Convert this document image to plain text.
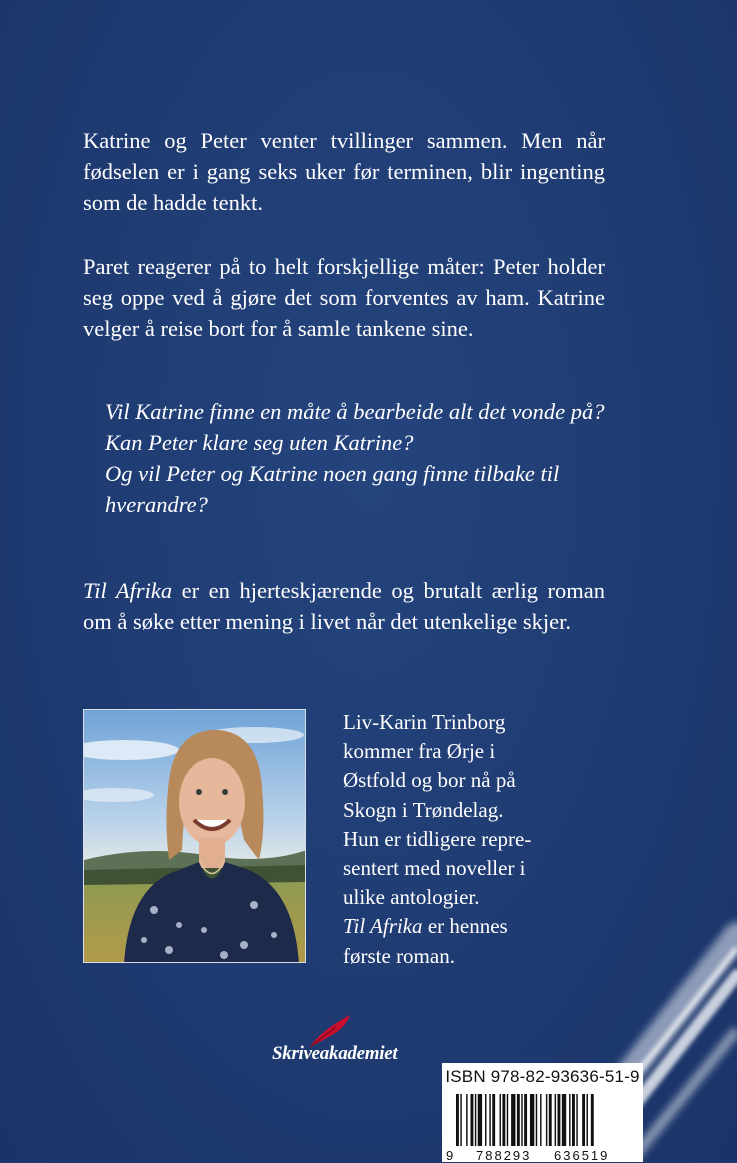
Katrine og Peter venter tvillinger sammen. Men når fødselen er i gang seks uker før terminen, blir ingenting som de hadde tenkt.
Paret reagerer på to helt forskjellige måter: Peter holder seg oppe ved å gjøre det som forventes av ham. Katrine velger å reise bort for å samle tankene sine.
Vil Katrine finne en måte å bearbeide alt det vonde på?
Kan Peter klare seg uten Katrine?
Og vil Peter og Katrine noen gang finne tilbake til hverandre?
Til Afrika er en hjerteskjærende og brutalt ærlig roman om å søke etter mening i livet når det utenkelige skjer.
Liv-Karin Trinborg
kommer fra Ørje i
Østfold og bor nå på
Skogn i Trøndelag.
Hun er tidligere repre-
sentert med noveller i
ulike antologier.
Til Afrika er hennes
første roman.
Skriveakademiet
ISBN 978-82-93636-51-9
9 788293 636519
